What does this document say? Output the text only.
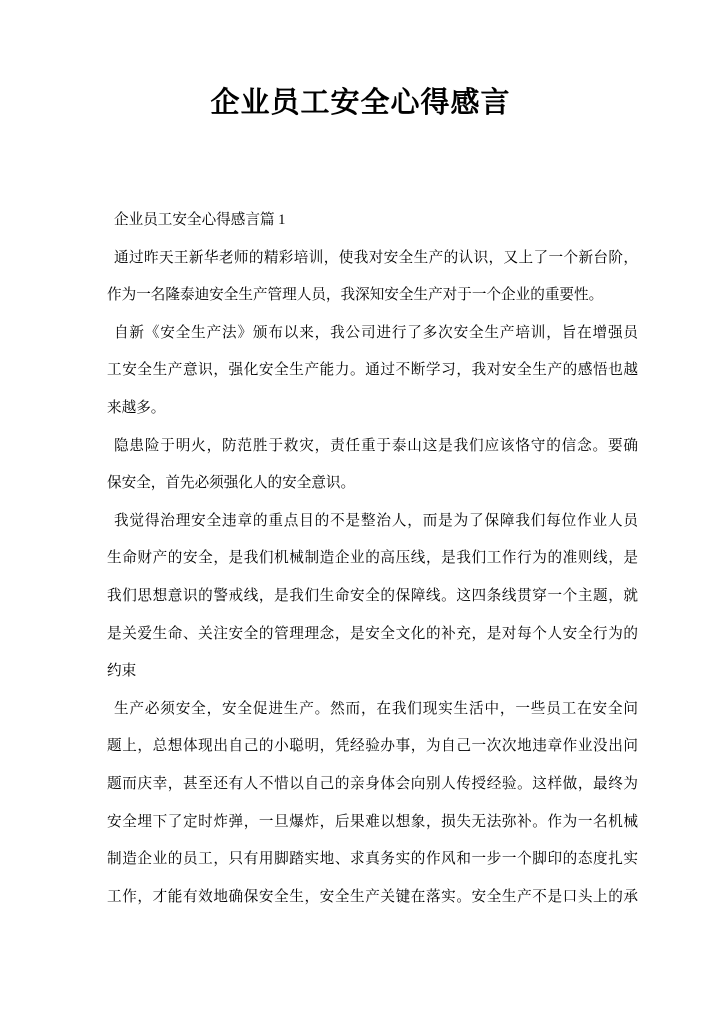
企业员工安全心得感言
企业员工安全心得感言篇 1
通过昨天王新华老师的精彩培训，使我对安全生产的认识，又上了一个新台阶，
作为一名隆泰迪安全生产管理人员，我深知安全生产对于一个企业的重要性。
自新《安全生产法》颁布以来，我公司进行了多次安全生产培训，旨在增强员
工安全生产意识，强化安全生产能力。通过不断学习，我对安全生产的感悟也越
来越多。
隐患险于明火，防范胜于救灾，责任重于泰山这是我们应该恪守的信念。要确
保安全，首先必须强化人的安全意识。
我觉得治理安全违章的重点目的不是整治人，而是为了保障我们每位作业人员
生命财产的安全，是我们机械制造企业的高压线，是我们工作行为的准则线，是
我们思想意识的警戒线，是我们生命安全的保障线。这四条线贯穿一个主题，就
是关爱生命、关注安全的管理理念，是安全文化的补充，是对每个人安全行为的
约束
生产必须安全，安全促进生产。然而，在我们现实生活中，一些员工在安全问
题上，总想体现出自己的小聪明，凭经验办事，为自己一次次地违章作业没出问
题而庆幸，甚至还有人不惜以自己的亲身体会向别人传授经验。这样做，最终为
安全埋下了定时炸弹，一旦爆炸，后果难以想象，损失无法弥补。作为一名机械
制造企业的员工，只有用脚踏实地、求真务实的作风和一步一个脚印的态度扎实
工作，才能有效地确保安全生，安全生产关键在落实。安全生产不是口头上的承
